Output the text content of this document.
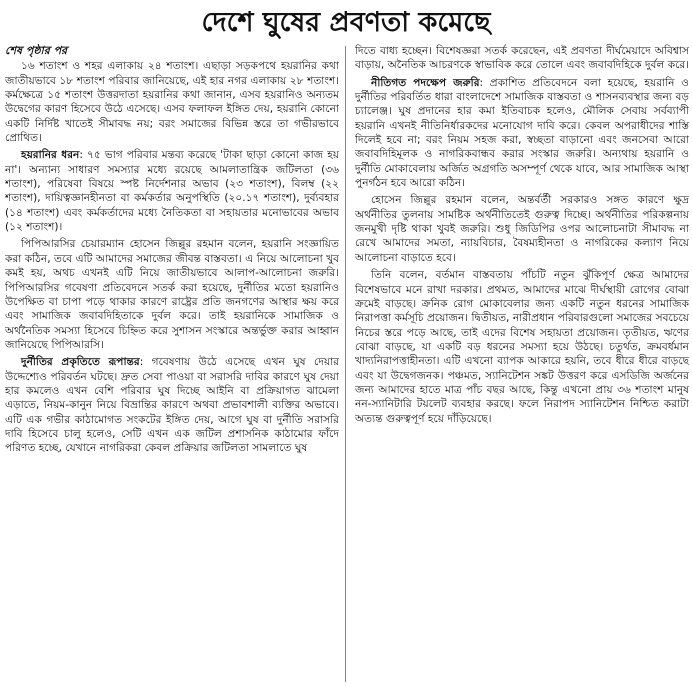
দেশে ঘুষের প্রবণতা কমেছে
শেষ পৃষ্ঠার পর

১৬ শতাংশ ও শহর এলাকায় ২৪ শতাংশ। এছাড়া সড়কপথে হয়রানির কথা জাতীয়ভাবে ১৮ শতাংশ পরিবার জানিয়েছে, এই হার নগর এলাকায় ২৮ শতাংশ। কর্মক্ষেত্রে ১৫ শতাংশ উত্তরদাতা হয়রানির কথা জানান, এসব হয়রানিও অন্যতম উদ্বেগের কারণ হিসেবে উঠে এসেছে। এসব ফলাফল ইঙ্গিত দেয়, হয়রানি কোনো একটি নির্দিষ্ট খাতেই সীমাবদ্ধ নয়; বরং সমাজের বিভিন্ন স্তরে তা গভীরভাবে প্রোথিত।

হয়রানির ধরন: ৭৫ ভাগ পরিবার মন্তব্য করেছে 'টাকা ছাড়া কোনো কাজ হয় না'। অন্যান্য সাধারণ সমস্যার মধ্যে রয়েছে আমলাতান্ত্রিক জটিলতা (৩৬ শতাংশ), পরিষেবা বিষয়ে স্পষ্ট নির্দেশনার অভাব (২৩ শতাংশ), বিলম্ব (২২ শতাংশ), দায়িত্বজ্ঞানহীনতা বা কর্মকর্তার অনুপস্থিতি (২০.১৭ শতাংশ), দুর্ব্যবহার (১৪ শতাংশ) এবং কর্মকর্তাদের মধ্যে নৈতিকতা বা সহায়তার মনোভাবের অভাব (১২ শতাংশ)।

পিপিআরসির চেয়ারম্যান হোসেন জিল্লুর রহমান বলেন, হয়রানি সংজ্ঞায়িত করা কঠিন, তবে এটি আমাদের সমাজের জীবন্ত বাস্তবতা। এ নিয়ে আলোচনা খুব কমই হয়, অথচ এখনই এটি নিয়ে জাতীয়ভাবে আলাপ-আলোচনা জরুরি। পিপিআরসির গবেষণা প্রতিবেদনে সতর্ক করা হয়েছে, দুর্নীতির মতো হয়রানিও উপেক্ষিত বা চাপা পড়ে থাকার কারণে রাষ্ট্রের প্রতি জনগণের আস্থার ক্ষয় করে এবং সামাজিক জবাবদিহিতাকে দুর্বল করে। তাই হয়রানিকে সামাজিক ও অর্থনৈতিক সমস্যা হিসেবে চিহ্নিত করে সুশাসন সংস্কারে অন্তর্ভুক্ত করার আহ্বান জানিয়েছে পিপিআরসি।

দুর্নীতির প্রকৃতিতে রূপান্তর: গবেষণায় উঠে এসেছে এখন ঘুষ দেয়ার উদ্দেশ্যেও পরিবর্তন ঘটছে। দ্রুত সেবা পাওয়া বা সরাসরি দাবির কারণে ঘুষ দেয়া হার কমলেও এখন বেশি পরিবার ঘুষ দিচ্ছে আইনি বা প্রক্রিয়াগত ঝামেলা এড়াতে, নিয়ম-কানুন নিয়ে বিভ্রান্তির কারণে অথবা প্রভাবশালী ব্যক্তির অভাবে। এটি এক গভীর কাঠামোগত সংকটের ইঙ্গিত দেয়, আগে ঘুষ বা দুর্নীতি সরাসরি দাবি হিসেবে চালু হলেও, সেটি এখন এক জটিল প্রশাসনিক কাঠামোর ফাঁদে পরিণত হচ্ছে, যেখানে নাগরিকরা কেবল প্রক্রিয়ার জটিলতা সামলাতে ঘুষ

দিতে বাধ্য হচ্ছেন। বিশেষজ্ঞরা সতর্ক করেছেন, এই প্রবণতা দীর্ঘমেয়াদে অবিশ্বাস বাড়ায়, অনৈতিক আচরণকে স্বাভাবিক করে তোলে এবং জবাবদিহিকে দুর্বল করে।

নীতিগত পদক্ষেপ জরুরি: প্রকাশিত প্রতিবেদনে বলা হয়েছে, হয়রানি ও দুর্নীতির পরিবর্তিত ধারা বাংলাদেশে সামাজিক বাস্তবতা ও শাসনব্যবস্থার জন্য বড় চ্যালেঞ্জ। ঘুষ প্রদানের হার কমা ইতিবাচক হলেও, মৌলিক সেবায় সর্বব্যাপী হয়রানি এখনই নীতিনির্ধারকদের মনোযোগ দাবি করে। কেবল অপরাধীদের শাস্তি দিলেই হবে না; বরং নিয়ম সহজ করা, স্বচ্ছতা বাড়ানো এবং জনসেবা আরো জবাবদিহিমূলক ও নাগরিকবান্ধব করার সংস্কার জরুরি। অন্যথায় হয়রানি ও দুর্নীতি মোকাবেলায় অর্জিত অগ্রগতি অসম্পূর্ণ থেকে যাবে, আর সামাজিক আস্থা পুনর্গঠন হবে আরো কঠিন।

হোসেন জিল্লুর রহমান বলেন, অন্তর্বর্তী সরকারও সঙ্গত কারণে ক্ষুদ্র অর্থনীতির তুলনায় সামষ্টিক অর্থনীতিতেই গুরুত্ব দিচ্ছে। অর্থনীতির পরিকল্পনায় জনমুখী দৃষ্টি থাকা খুবই জরুরি। শুধু জিডিপির ওপর আলোচনাটা সীমাবদ্ধ না রেখে আমাদের সমতা, ন্যায়বিচার, বৈষম্যহীনতা ও নাগরিকের কল্যাণ নিয়ে আলোচনা বাড়াতে হবে।

তিনি বলেন, বর্তমান বাস্তবতায় পাঁচটি নতুন ঝুঁকিপূর্ণ ক্ষেত্র আমাদের বিশেষভাবে মনে রাখা দরকার। প্রথমত, আমাদের মাঝে দীর্ঘস্থায়ী রোগের বোঝা ক্রমেই বাড়ছে। ক্রনিক রোগ মোকাবেলার জন্য একটি নতুন ধরনের সামাজিক নিরাপত্তা কর্মসূচি প্রয়োজন। দ্বিতীয়ত, নারীপ্রধান পরিবারগুলো সমাজের সবচেয়ে নিচের স্তরে পড়ে আছে, তাই এদের বিশেষ সহায়তা প্রয়োজন। তৃতীয়ত, ঋণের বোঝা বাড়ছে, যা একটি বড় ধরনের সমস্যা হয়ে উঠছে। চতুর্থত, ক্রমবর্ধমান খাদ্যনিরাপত্তাহীনতা। এটি এখনো ব্যাপক আকারে হয়নি, তবে ধীরে ধীরে বাড়ছে এবং যা উদ্বেগজনক। পঞ্চমত, স্যানিটেশন সঙ্কট উত্তরণ করে এসডিজি অর্জনের জন্য আমাদের হাতে মাত্র পাঁচ বছর আছে, কিন্তু এখনো প্রায় ৩৬ শতাংশ মানুষ নন-স্যানিটারি টয়লেট ব্যবহার করছে। ফলে নিরাপদ স্যানিটেশন নিশ্চিত করাটা অত্যন্ত গুরুত্বপূর্ণ হয়ে দাঁড়িয়েছে।
